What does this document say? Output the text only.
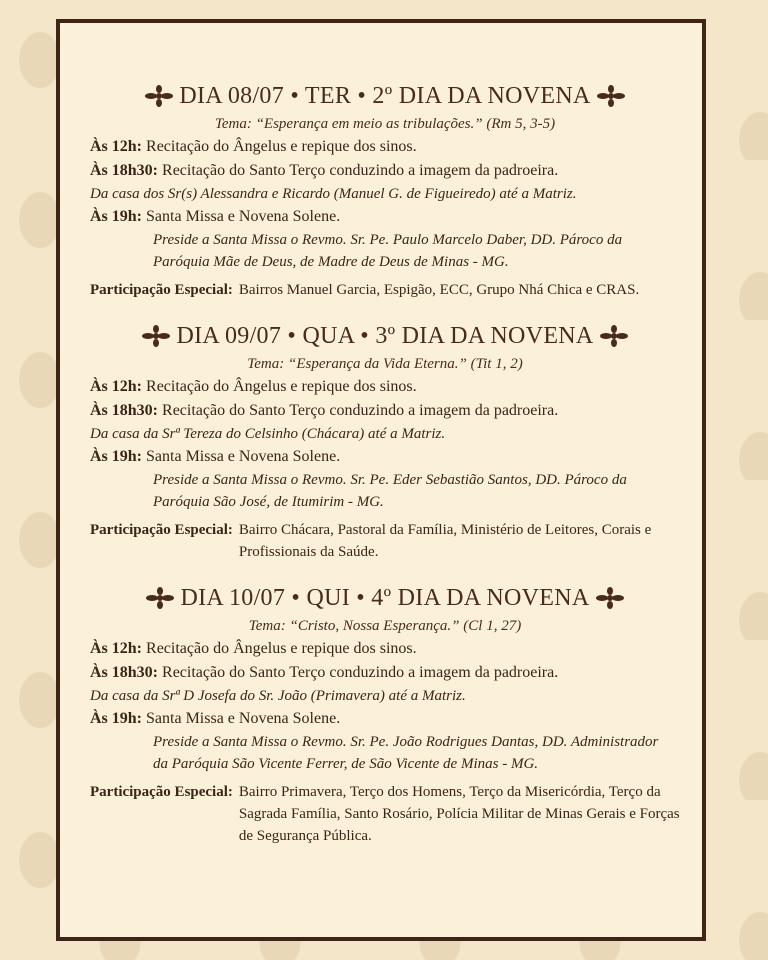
DIA 08/07 • TER • 2º DIA DA NOVENA
Tema: “Esperança em meio as tribulações.” (Rm 5, 3-5)
Às 12h: Recitação do Ângelus e repique dos sinos.
Às 18h30: Recitação do Santo Terço conduzindo a imagem da padroeira.
Da casa dos Sr(s) Alessandra e Ricardo (Manuel G. de Figueiredo) até a Matriz.
Às 19h: Santa Missa e Novena Solene.
Preside a Santa Missa o Revmo. Sr. Pe. Paulo Marcelo Daber, DD. Pároco da Paróquia Mãe de Deus, de Madre de Deus de Minas - MG.
Participação Especial: Bairros Manuel Garcia, Espigão, ECC, Grupo Nhá Chica e CRAS.
DIA 09/07 • QUA • 3º DIA DA NOVENA
Tema: “Esperança da Vida Eterna.” (Tit 1, 2)
Às 12h: Recitação do Ângelus e repique dos sinos.
Às 18h30: Recitação do Santo Terço conduzindo a imagem da padroeira.
Da casa da Srª Tereza do Celsinho (Chácara) até a Matriz.
Às 19h: Santa Missa e Novena Solene.
Preside a Santa Missa o Revmo. Sr. Pe. Eder Sebastião Santos, DD. Pároco da Paróquia São José, de Itumirim - MG.
Participação Especial: Bairro Chácara, Pastoral da Família, Ministério de Leitores, Corais e Profissionais da Saúde.
DIA 10/07 • QUI • 4º DIA DA NOVENA
Tema: “Cristo, Nossa Esperança.” (Cl 1, 27)
Às 12h: Recitação do Ângelus e repique dos sinos.
Às 18h30: Recitação do Santo Terço conduzindo a imagem da padroeira.
Da casa da Srª D Josefa do Sr. João (Primavera) até a Matriz.
Às 19h: Santa Missa e Novena Solene.
Preside a Santa Missa o Revmo. Sr. Pe. João Rodrigues Dantas, DD. Administrador da Paróquia São Vicente Ferrer, de São Vicente de Minas - MG.
Participação Especial: Bairro Primavera, Terço dos Homens, Terço da Misericórdia, Terço da Sagrada Família, Santo Rosário, Polícia Militar de Minas Gerais e Forças de Segurança Pública.
